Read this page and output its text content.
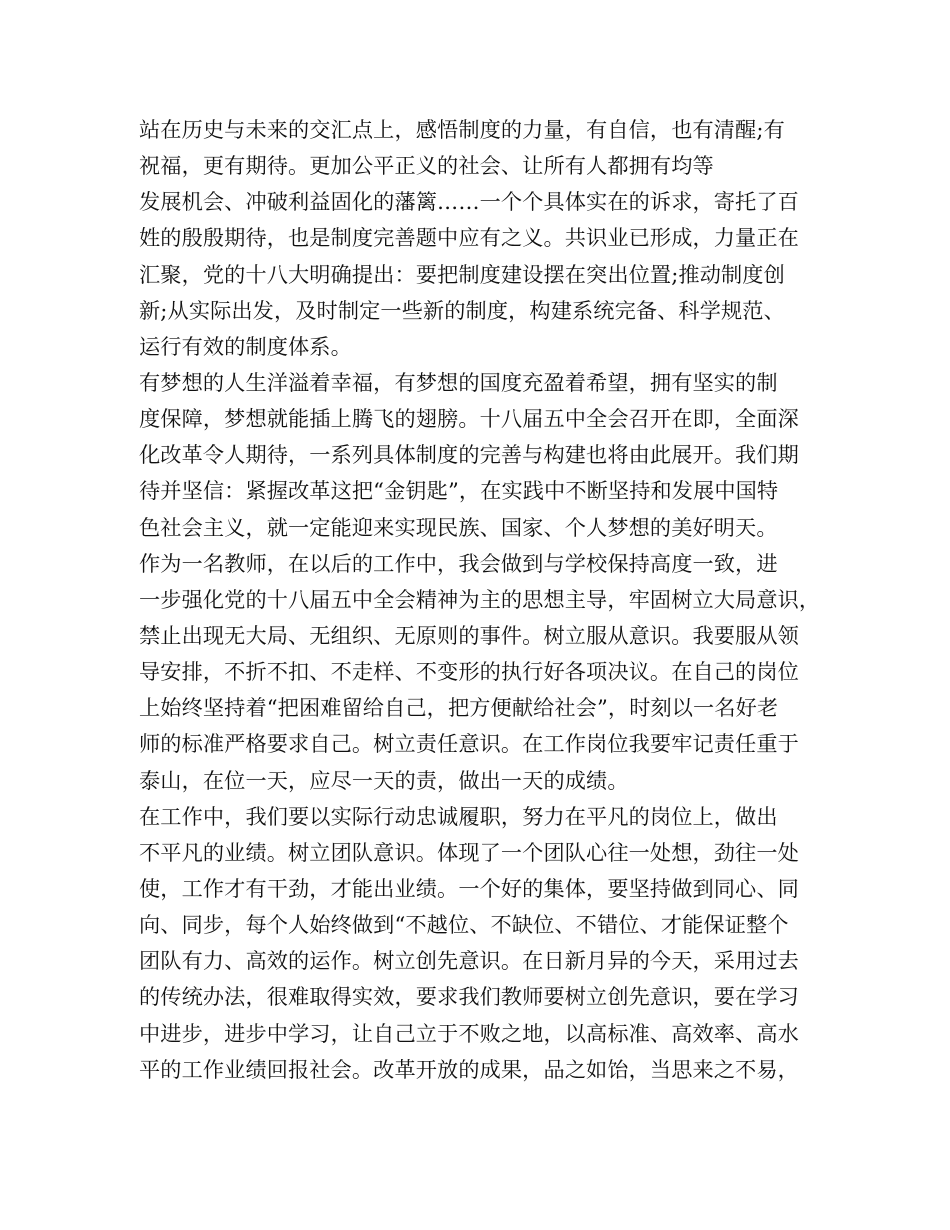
站在历史与未来的交汇点上，感悟制度的力量，有自信，也有清醒;有
祝福，更有期待。更加公平正义的社会、让所有人都拥有均等
发展机会、冲破利益固化的藩篱……一个个具体实在的诉求，寄托了百
姓的殷殷期待，也是制度完善题中应有之义。共识业已形成，力量正在
汇聚，党的十八大明确提出：要把制度建设摆在突出位置;推动制度创
新;从实际出发，及时制定一些新的制度，构建系统完备、科学规范、
运行有效的制度体系。
有梦想的人生洋溢着幸福，有梦想的国度充盈着希望，拥有坚实的制
度保障，梦想就能插上腾飞的翅膀。十八届五中全会召开在即，全面深
化改革令人期待，一系列具体制度的完善与构建也将由此展开。我们期
待并坚信：紧握改革这把“金钥匙”，在实践中不断坚持和发展中国特
色社会主义，就一定能迎来实现民族、国家、个人梦想的美好明天。
作为一名教师，在以后的工作中，我会做到与学校保持高度一致，进
一步强化党的十八届五中全会精神为主的思想主导，牢固树立大局意识，
禁止出现无大局、无组织、无原则的事件。树立服从意识。我要服从领
导安排，不折不扣、不走样、不变形的执行好各项决议。在自己的岗位
上始终坚持着“把困难留给自己，把方便献给社会”，时刻以一名好老
师的标准严格要求自己。树立责任意识。在工作岗位我要牢记责任重于
泰山，在位一天，应尽一天的责，做出一天的成绩。
在工作中，我们要以实际行动忠诚履职，努力在平凡的岗位上，做出
不平凡的业绩。树立团队意识。体现了一个团队心往一处想，劲往一处
使，工作才有干劲，才能出业绩。一个好的集体，要坚持做到同心、同
向、同步，每个人始终做到“不越位、不缺位、不错位、才能保证整个
团队有力、高效的运作。树立创先意识。在日新月异的今天，采用过去
的传统办法，很难取得实效，要求我们教师要树立创先意识，要在学习
中进步，进步中学习，让自己立于不败之地，以高标准、高效率、高水
平的工作业绩回报社会。改革开放的成果，品之如饴，当思来之不易，
